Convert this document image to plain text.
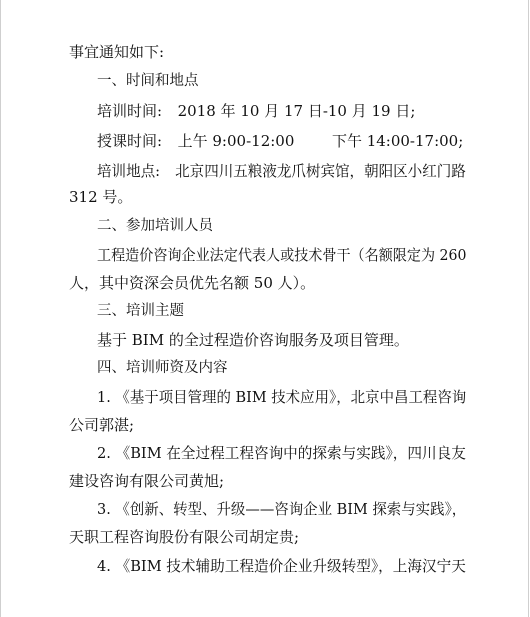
事宜通知如下:
一、时间和地点
培训时间: 2018 年 10 月 17 日-10 月 19 日;
授课时间: 上午 9:00-12:00	下午 14:00-17:00;
培训地点: 北京四川五粮液龙爪树宾馆，朝阳区小红门路
312 号。
二、参加培训人员
工程造价咨询企业法定代表人或技术骨干（名额限定为 260
人，其中资深会员优先名额 50 人）。
三、培训主题
基于 BIM 的全过程造价咨询服务及项目管理。
四、培训师资及内容
1. 《基于项目管理的 BIM 技术应用》，北京中昌工程咨询
公司郭湛;
2. 《BIM 在全过程工程咨询中的探索与实践》，四川良友
建设咨询有限公司黄旭;
3. 《创新、转型、升级——咨询企业 BIM 探索与实践》，
天职工程咨询股份有限公司胡定贵;
4. 《BIM 技术辅助工程造价企业升级转型》，上海汉宁天
